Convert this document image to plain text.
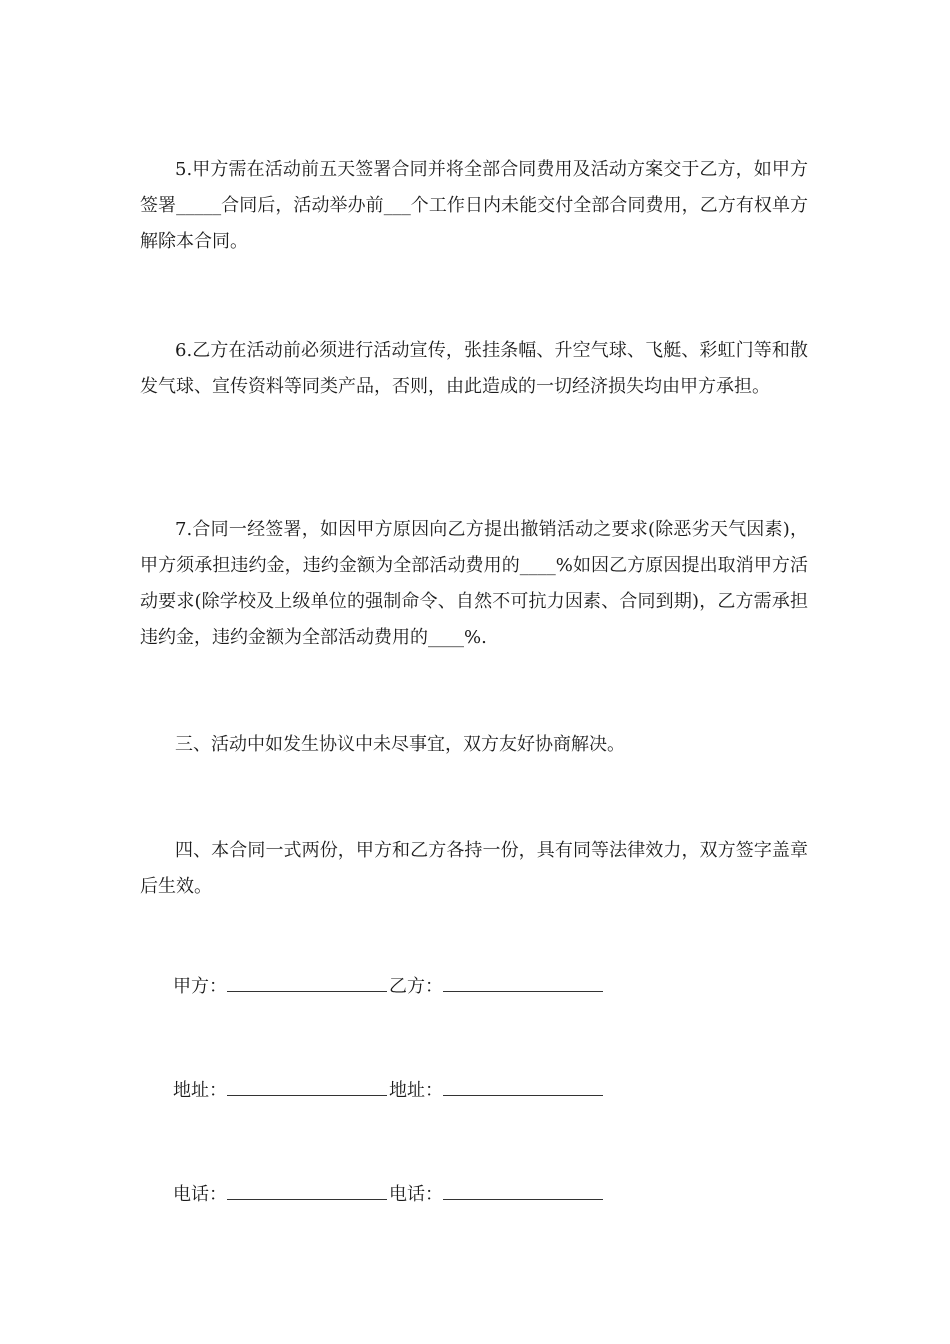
5.甲方需在活动前五天签署合同并将全部合同费用及活动方案交于乙方，如甲方签署_____合同后，活动举办前___个工作日内未能交付全部合同费用，乙方有权单方解除本合同。

6.乙方在活动前必须进行活动宣传，张挂条幅、升空气球、飞艇、彩虹门等和散发气球、宣传资料等同类产品，否则，由此造成的一切经济损失均由甲方承担。

7.合同一经签署，如因甲方原因向乙方提出撤销活动之要求(除恶劣天气因素)，甲方须承担违约金，违约金额为全部活动费用的____%如因乙方原因提出取消甲方活动要求(除学校及上级单位的强制命令、自然不可抗力因素、合同到期)，乙方需承担违约金，违约金额为全部活动费用的____%.

三、活动中如发生协议中未尽事宜，双方友好协商解决。

四、本合同一式两份，甲方和乙方各持一份，具有同等法律效力，双方签字盖章后生效。

甲方：	乙方：
地址：	地址：
电话：	电话：
